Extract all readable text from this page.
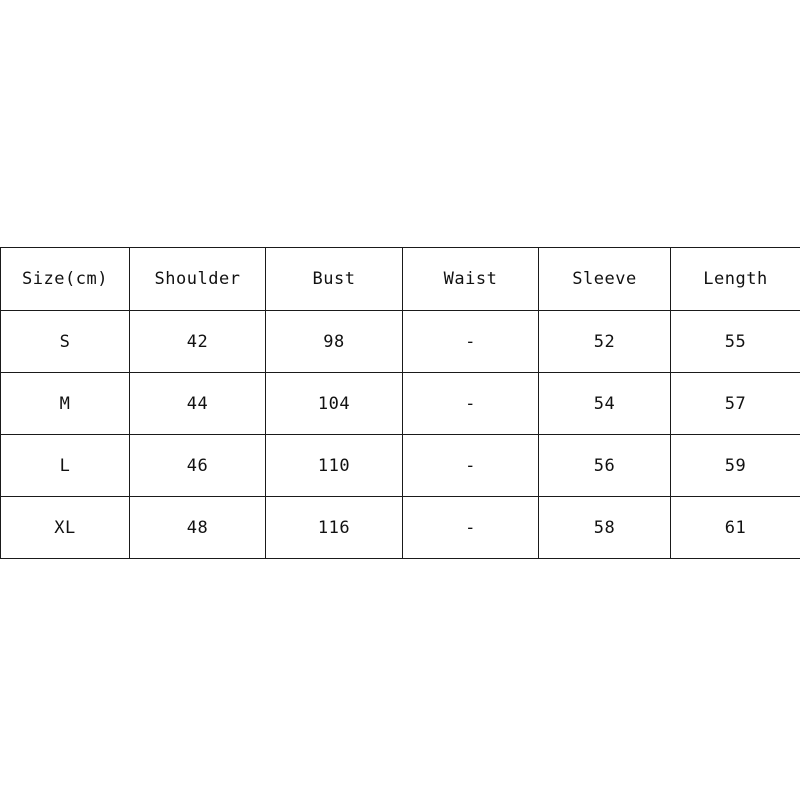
Size(cm)	Shoulder	Bust	Waist	Sleeve	Length
S	42	98	-	52	55
M	44	104	-	54	57
L	46	110	-	56	59
XL	48	116	-	58	61
